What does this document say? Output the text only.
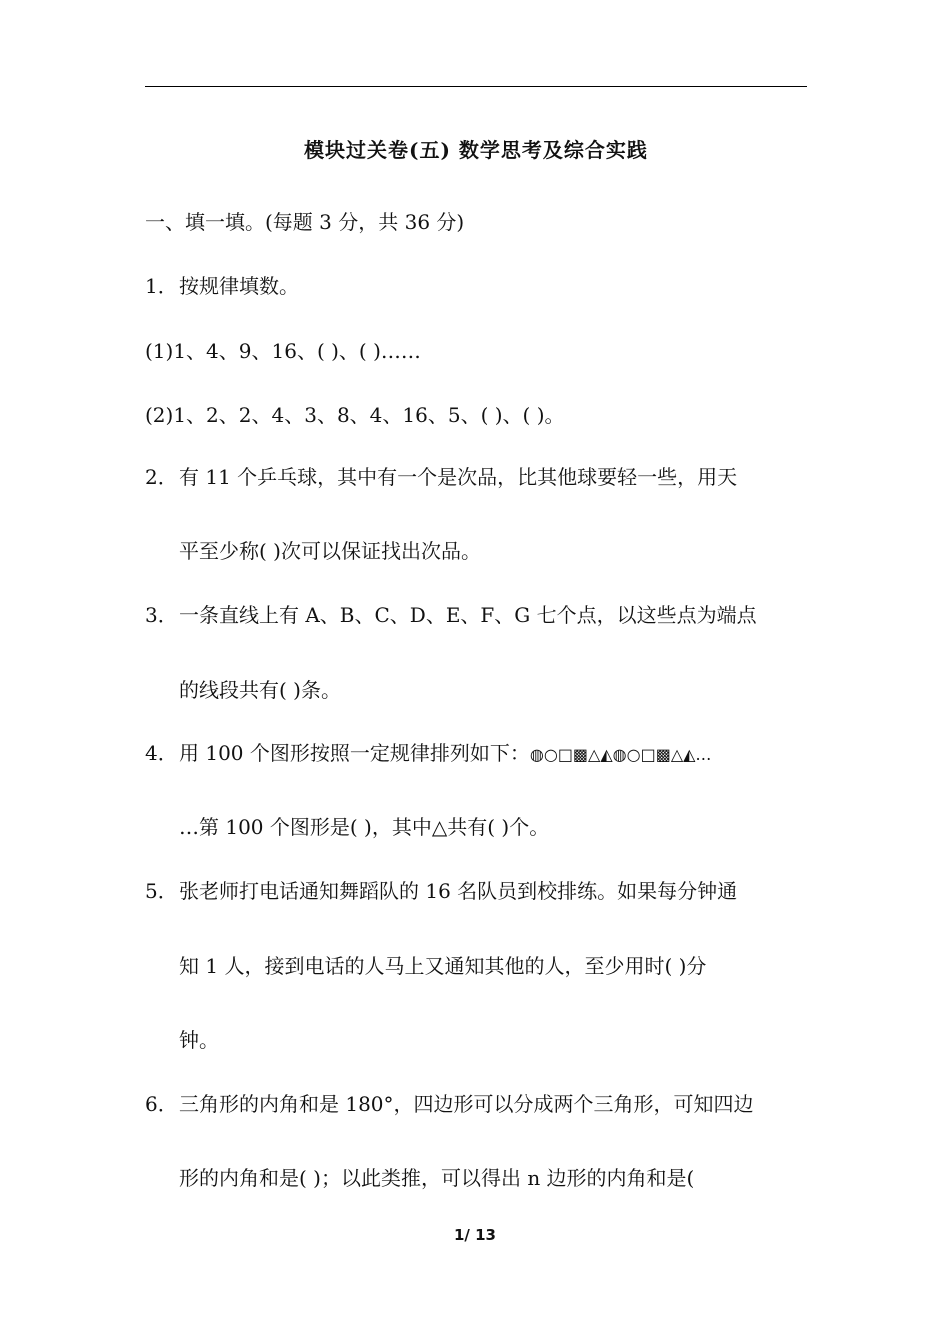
模块过关卷(五) 数学思考及综合实践
一、填一填。(每题 3 分，共 36 分)
1．按规律填数。
(1)1、4、9、16、( )、( )……
(2)1、2、2、4、3、8、4、16、5、( )、( )。
2．有 11 个乒乓球，其中有一个是次品，比其他球要轻一些，用天
平至少称( )次可以保证找出次品。
3．一条直线上有 A、B、C、D、E、F、G 七个点，以这些点为端点
的线段共有( )条。
4．用 100 个图形按照一定规律排列如下：◍○□▩△◭◍○□▩△◭…
…第 100 个图形是( )，其中△共有( )个。
5．张老师打电话通知舞蹈队的 16 名队员到校排练。如果每分钟通
知 1 人，接到电话的人马上又通知其他的人，至少用时( )分
钟。
6．三角形的内角和是 180°，四边形可以分成两个三角形，可知四边
形的内角和是( )；以此类推，可以得出 n 边形的内角和是(
1/ 13
